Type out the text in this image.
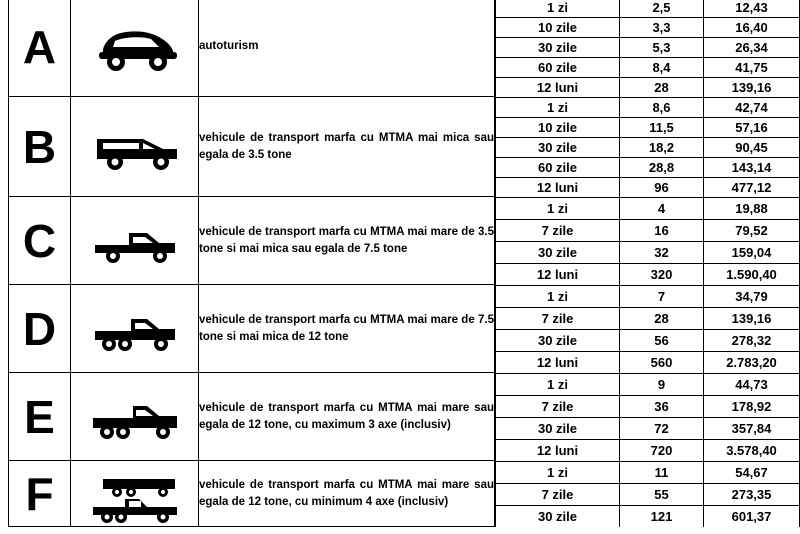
A		autoturism	
1 zi	2,5	12,43
10 zile	3,3	16,40
30 zile	5,3	26,34
60 zile	8,4	41,75
12 luni	28	139,16

B		vehicule de transport marfa cu MTMA mai mica sau egala de 3.5 tone	
1 zi	8,6	42,74
10 zile	11,5	57,16
30 zile	18,2	90,45
60 zile	28,8	143,14
12 luni	96	477,12

C		vehicule de transport marfa cu MTMA mai mare de 3.5 tone si mai mica sau egala de 7.5 tone	
1 zi	4	19,88
7 zile	16	79,52
30 zile	32	159,04
12 luni	320	1.590,40

D		vehicule de transport marfa cu MTMA mai mare de 7.5 tone si mai mica de 12 tone	
1 zi	7	34,79
7 zile	28	139,16
30 zile	56	278,32
12 luni	560	2.783,20

E		vehicule de transport marfa cu MTMA mai mare sau egala de 12 tone, cu maximum 3 axe (inclusiv)	
1 zi	9	44,73
7 zile	36	178,92
30 zile	72	357,84
12 luni	720	3.578,40

F		vehicule de transport marfa cu MTMA mai mare sau egala de 12 tone, cu minimum 4 axe (inclusiv)	
1 zi	11	54,67
7 zile	55	273,35
30 zile	121	601,37
